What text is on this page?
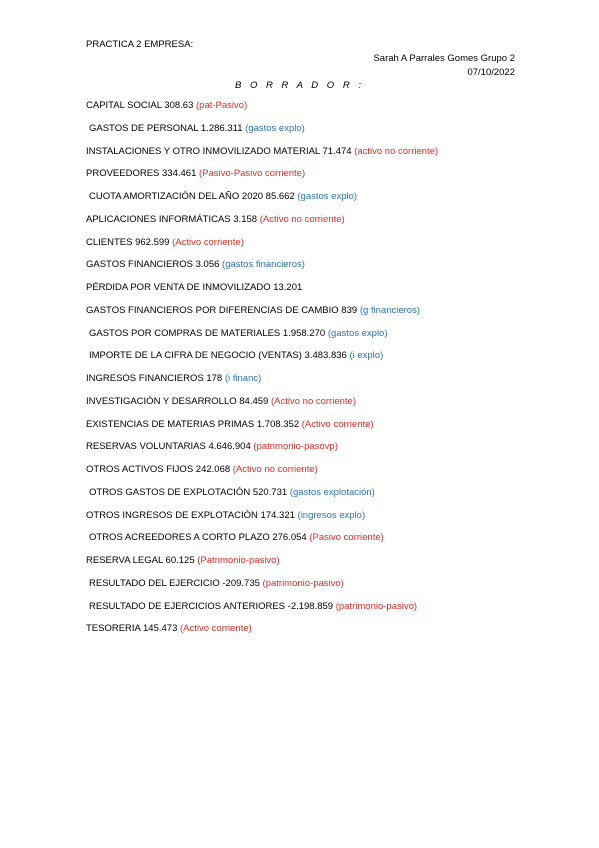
PRACTICA 2 EMPRESA:
Sarah A Parrales Gomes Grupo 2
07/10/2022
B O R R A D O R :
CAPITAL SOCIAL 308.63 (pat-Pasivo)
GASTOS DE PERSONAL 1.286.311 (gastos explo)
INSTALACIONES Y OTRO INMOVILIZADO MATERIAL 71.474 (activo no corriente)
PROVEEDORES 334.461 (Pasivo-Pasivo corriente)
CUOTA AMORTIZACIÓN DEL AÑO 2020 85.662 (gastos explo)
APLICACIONES INFORMÁTICAS 3.158 (Activo no corriente)
CLIENTES 962.599 (Activo corriente)
GASTOS FINANCIEROS 3.056 (gastos financieros)
PÉRDIDA POR VENTA DE INMOVILIZADO 13.201
GASTOS FINANCIEROS POR DIFERENCIAS DE CAMBIO 839 (g financieros)
GASTOS POR COMPRAS DE MATERIALES 1.958.270 (gastos explo)
IMPORTE DE LA CIFRA DE NEGOCIO (VENTAS) 3.483.836 (i explo)
INGRESOS FINANCIEROS 178 (i financ)
INVESTIGACIÓN Y DESARROLLO 84.459 (Activo no corriente)
EXISTENCIAS DE MATERIAS PRIMAS 1.708.352 (Activo corriente)
RESERVAS VOLUNTARIAS 4.646.904 (patrimonio-pasovp)
OTROS ACTIVOS FIJOS 242.068 (Activo no corriente)
OTROS GASTOS DE EXPLOTACIÓN 520.731 (gastos explotación)
OTROS INGRESOS DE EXPLOTACIÓN 174.321 (ingresos explo)
OTROS ACREEDORES A CORTO PLAZO 276.054 (Pasivo corriente)
RESERVA LEGAL 60.125 (Patrimonio-pasivo)
RESULTADO DEL EJERCICIO -209.735 (patrimonio-pasivo)
RESULTADO DE EJERCICIOS ANTERIORES -2.198.859 (patrimonio-pasivo)
TESORERIA 145.473 (Activo corriente)
